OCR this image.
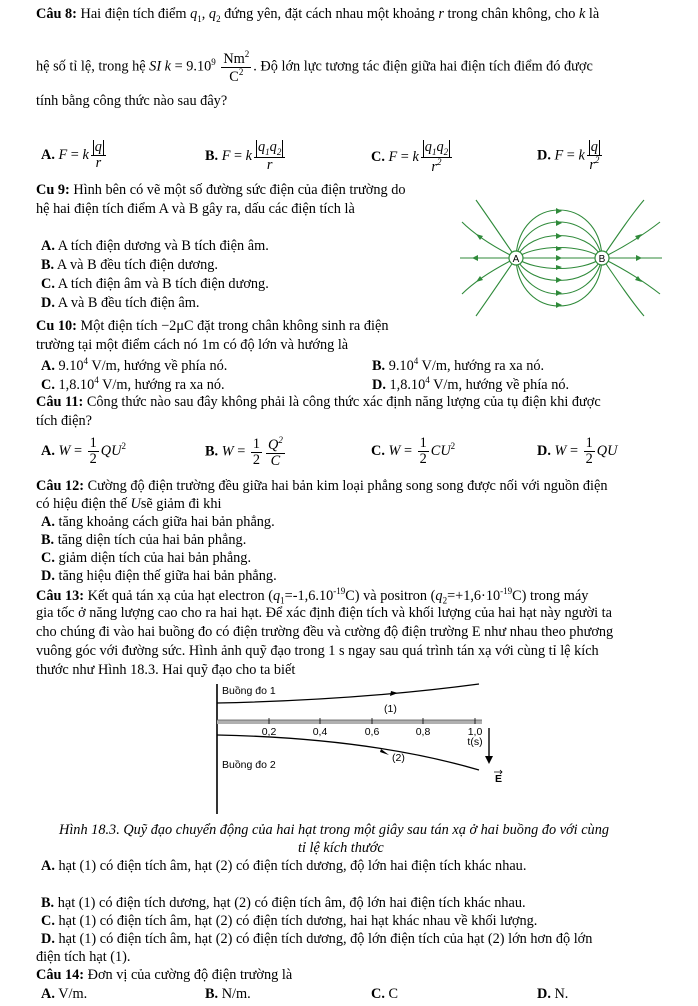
Câu 8: Hai điện tích điểm $q_1$, $q_2$ đứng yên, đặt cách nhau một khoảng r trong chân không, cho k là
hệ số tỉ lệ, trong hệ SI $k = 9.10^9 \frac{Nm^2}{C^2}$ . Độ lớn lực tương tác điện giữa hai điện tích điểm đó được
tính bằng công thức nào sau đây?
A. F = k $\frac{q}{r}$	B. F = k $\frac{q_1q_2}{r}$	C. F = k $\frac{q_1q_2}{r^2}$	D. F = k $\frac{q}{r^2}$
Cu 9: Hình bên có vẽ một số đường sức điện của điện trường do
hệ hai điện tích điểm A và B gây ra, dấu các điện tích là
A. A tích điện dương và B tích điện âm.
B. A và B đều tích điện dương.
C. A tích điện âm và B tích điện dương.
D. A và B đều tích điện âm.
A	B
Cu 10: Một điện tích −2μC đặt trong chân không sinh ra điện
trường tại một điểm cách nó 1m có độ lớn và hướng là
A. 9.10$^4$ V/m, hướng về phía nó.	B. 9.10$^4$ V/m, hướng ra xa nó.
C. 1,8.10$^4$ V/m, hướng ra xa nó.	D. 1,8.10$^4$ V/m, hướng về phía nó.
Câu 11: Công thức nào sau đây không phải là công thức xác định năng lượng của tụ điện khi được
tích điện?
A. $W = \frac{1}{2} QU^2$	B. $W = \frac{1}{2} \frac{Q^2}{C}$	C. $W = \frac{1}{2} CU^2$	D. $W = \frac{1}{2}$ QU
Câu 12: Cường độ điện trường đều giữa hai bản kim loại phẳng song song được nối với nguồn điện
có hiệu điện thế Usẽ giảm đi khi
A. tăng khoảng cách giữa hai bản phẳng.
B. tăng diện tích của hai bản phẳng.
C. giảm diện tích của hai bản phẳng.
D. tăng hiệu điện thế giữa hai bản phẳng.
Câu 13: Kết quả tán xạ của hạt electron $(q_1=-1,6.10^{-19}C)$ và positron $(q_2=+1,6\cdot 10^{-19}C)$ trong máy
gia tốc ở năng lượng cao cho ra hai hạt. Để xác định điện tích và khối lượng của hai hạt này người ta
cho chúng đi vào hai buồng đo có điện trường đều và cường độ điện trường E như nhau theo phương
vuông góc với đường sức. Hình ảnh quỹ đạo trong 1 s ngay sau quá trình tán xạ với cùng tỉ lệ kích
thước như Hình 18.3. Hai quỹ đạo cho ta biết
Buồng đo 1
Buồng đo 2
(1)
(2)
0,2	0,4	0,6	0,8	1,0
t(s)
E
Hình 18.3. Quỹ đạo chuyển động của hai hạt trong một giây sau tán xạ ở hai buồng đo với cùng
tỉ lệ kích thước
A. hạt (1) có điện tích âm, hạt (2) có điện tích dương, độ lớn hai điện tích khác nhau.
B. hạt (1) có điện tích dương, hạt (2) có điện tích âm, độ lớn hai điện tích khác nhau.
C. hạt (1) có điện tích âm, hạt (2) có điện tích dương, hai hạt khác nhau về khối lượng.
D. hạt (1) có điện tích âm, hạt (2) có điện tích dương, độ lớn điện tích của hạt (2) lớn hơn độ lớn
điện tích hạt (1).
Câu 14: Đơn vị của cường độ điện trường là
A. V/m.	B. N/m.	C. C	D. N.
